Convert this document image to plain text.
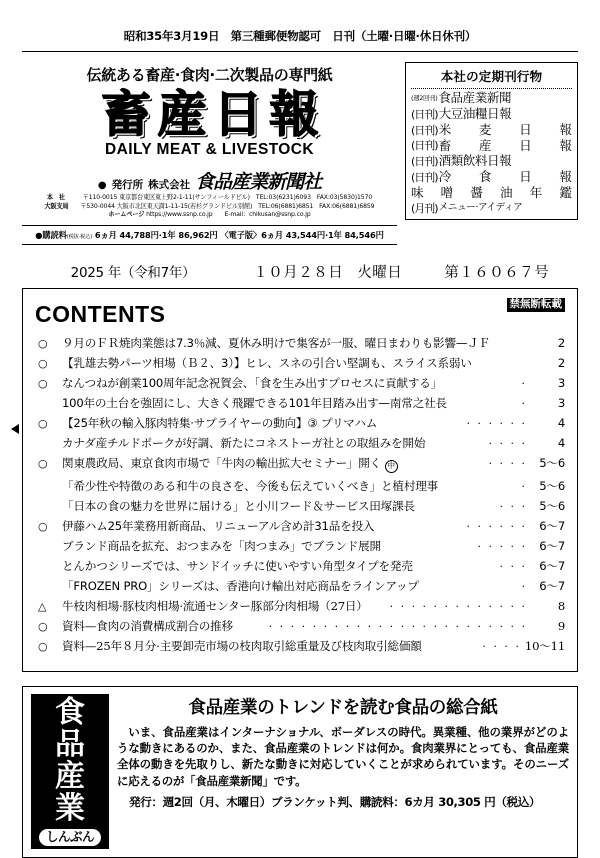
昭和35年3月19日　第三種郵便物認可　日刊（土曜·日曜·休日休刊）
伝統ある畜産·食肉·二次製品の専門紙
畜産日報
DAILY MEAT & LIVESTOCK
● 発行所 株式会社 食品産業新聞社
本　社	〒110-0015 東京都台東区東上野2-1-11(サンフィールドビル)　TEL:03(6231)6093　FAX:03(5830)1570
大阪支局 〒530-0044 大阪市北区東天満1-11-15(若杉グランドビル別館)　TEL:06(6881)6851　FAX:06(6881)6859
ホームページ https://www.ssnp.co.jp　　E-mail：chikusan@ssnp.co.jp
●購読料(税抜·税込) 6ヵ月 44,788円·1年 86,962円 〈電子版〉6ヵ月 43,544円·1年 84,546円
本社の定期刊行物
(週2回刊) 食品産業新聞
(日刊) 大豆油糧日報
(日刊) 米 麦 日 報
(日刊) 畜 産 日 報
(日刊) 酒類飲料日報
(日刊) 冷 食 日 報
味 噌 醤 油 年 鑑
(月刊) メニュー·アイディア
2025 年（令和7年）	１０月２８日 火曜日	第１６０６７号
CONTENTS	禁無断転載
○	９月のＦＲ焼肉業態は7.3％減、夏休み明けで集客が一服、曜日まわりも影響—ＪＦ	2
○	【乳雄去勢パーツ相場（Ｂ２、3）】ヒレ、スネの引合い堅調も、スライス系弱い	2
○	なんつねが創業100周年記念祝賀会、「食を生み出すプロセスに貢献する」	·	3
100年の土台を強固にし、大きく飛躍できる101年目踏み出す—南常之社長	·	3
○	【25年秋の輸入豚肉特集·サプライヤーの動向】③ プリマハム	· · · · · ·	4
カナダ産チルドポークが好調、新たにコネストーガ社との取組みを開始	· · · ·	4
○	関東農政局、東京食肉市場で「牛肉の輸出拡大セミナー」開く 中	· · · ·	5〜6
「希少性や特徴のある和牛の良さを、今後も伝えていくべき」と植村理事	·	5〜6
「日本の食の魅力を世界に届ける」と小川フード＆サービス田塚課長	· · ·	5〜6
○	伊藤ハム25年業務用新商品、リニューアル含め計31品を投入	· · · · · ·	6〜7
ブランド商品を拡充、おつまみを「肉つまみ」でブランド展開	· · · · ·	6〜7
とんかつシリーズでは、サンドイッチに使いやすい角型タイプを発売	· · ·	6〜7
「FROZEN PRO」シリーズは、香港向け輸出対応商品をラインアップ	·	6〜7
△	牛枝肉相場·豚枝肉相場·流通センター豚部分肉相場（27日）	· · · · · · · · · · · · ·	8
○	資料—食肉の消費構成割合の推移	· · · · · · · · · · · · · · · · · · · · · · · ·	9
○	資料—25年８月分·主要卸売市場の枝肉取引総重量及び枝肉取引総価額	· · · · 10〜11
食
品
産
業
しんぶん
食品産業のトレンドを読む食品の総合紙
　いま、食品産業はインターナショナル、ボーダレスの時代。異業種、他の業界がどのような動きにあるのか、また、食品産業のトレンドは何か。食肉業界にとっても、食品産業全体の動きを先取りし、新たな動きに対応していくことが求められています。そのニーズに応えるのが「食品産業新聞」です。
発行：週2回（月、木曜日）ブランケット判、購読料：6カ月 30,305 円（税込）
